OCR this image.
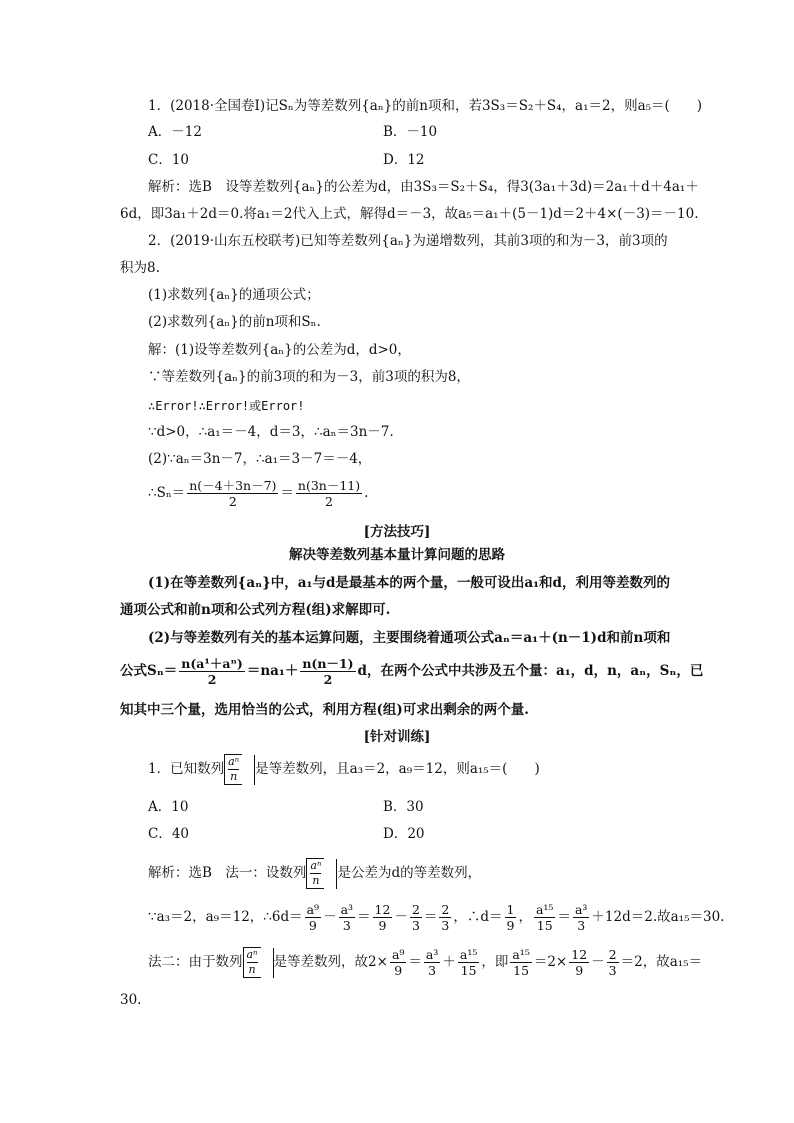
1．(2018·全国卷Ⅰ)记Sₙ为等差数列{aₙ}的前n项和，若3S₃＝S₂＋S₄，a₁＝2，则a₅＝(　　)
A．－12	B．－10
C．10	D．12
解析：选B　设等差数列{aₙ}的公差为d，由3S₃＝S₂＋S₄，得3(3a₁＋3d)＝2a₁＋d＋4a₁＋
6d，即3a₁＋2d＝0.将a₁＝2代入上式，解得d＝－3，故a₅＝a₁＋(5－1)d＝2＋4×(－3)＝－10.
2．(2019·山东五校联考)已知等差数列{aₙ}为递增数列，其前3项的和为－3，前3项的
积为8.
(1)求数列{aₙ}的通项公式；
(2)求数列{aₙ}的前n项和Sₙ.
解：(1)设等差数列{aₙ}的公差为d，d>0，
∵等差数列{aₙ}的前3项的和为－3，前3项的积为8，
∴Error!∴Error!或Error!
∵d>0，∴a₁＝－4，d＝3，∴aₙ＝3n－7.
(2)∵aₙ＝3n－7，∴a₁＝3－7＝－4，
∴Sₙ＝ $\frac{n(-4+3n-7)}{2} = \frac{n(3n-11)}{2}$ .
[方法技巧]
解决等差数列基本量计算问题的思路
(1)在等差数列{aₙ}中，a₁与d是最基本的两个量，一般可设出a₁和d，利用等差数列的
通项公式和前n项和公式列方程(组)求解即可.
(2)与等差数列有关的基本运算问题，主要围绕着通项公式aₙ＝a₁＋(n－1)d和前n项和
公式$S_n= \frac{\text{n(a¹＋aⁿ)}}{2} =na_1+ \frac{n(n-1)}{2}$ d，在两个公式中共涉及五个量：a₁，d，n，aₙ，Sₙ，已
知其中三个量，选用恰当的公式，利用方程(组)可求出剩余的两个量.
[针对训练]
1．已知数列 $\frac{\text{aⁿ}}{n}$ 是等差数列，且a₃＝2，a₉＝12，则a₁₅＝(　　)
A．10	B．30
C．40	D．20
解析：选B　法一：设数列 $\frac{\text{aⁿ}}{n}$ 是公差为d的等差数列，
∵a₃＝2，a₉＝12，∴6d＝ $\frac{\text{a⁹}}{9} - \frac{\text{a³}}{3} = \frac{12}{9} - \frac{2}{3} = \frac{2}{3}$ ，∴d＝ $\frac{1}{9}$ ， $\frac{\text{a¹⁵}}{15} = \frac{\text{a³}}{3} +12d=2$.故a₁₅＝30.
法二：由于数列 $\frac{\text{aⁿ}}{n}$ 是等差数列，故$2\times \frac{\text{a⁹}}{9} = \frac{\text{a³}}{3} + \frac{\text{a¹⁵}}{15}$ ，即 $\frac{\text{a¹⁵}}{15} =2\times \frac{12}{9} - \frac{2}{3} =2$，故a₁₅＝
30.
